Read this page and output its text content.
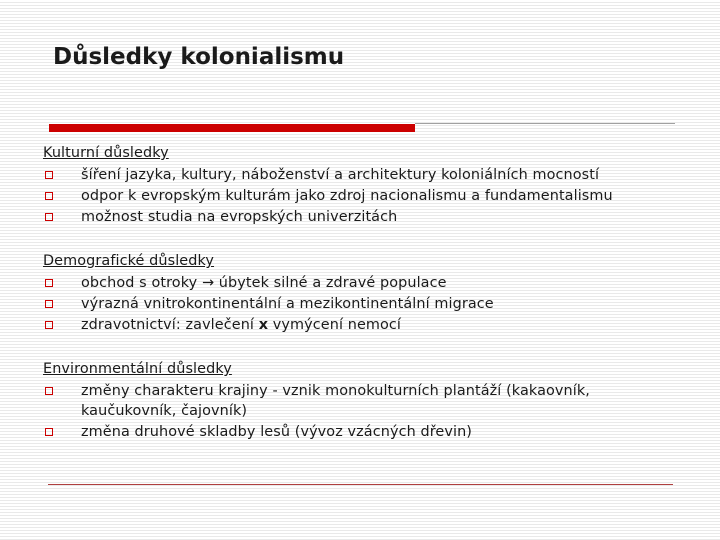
Důsledky kolonialismu
Kulturní důsledky
šíření jazyka, kultury, náboženství a architektury koloniálních mocností
odpor k evropským kulturám jako zdroj nacionalismu a fundamentalismu
možnost studia na evropských univerzitách
Demografické důsledky
obchod s otroky → úbytek silné a zdravé populace
výrazná vnitrokontinentální a mezikontinentální migrace
zdravotnictví: zavlečení x vymýcení nemocí
Environmentální důsledky
změny charakteru krajiny - vznik monokulturních plantáží (kakaovník,
kaučukovník, čajovník)
změna druhové skladby lesů (vývoz vzácných dřevin)
